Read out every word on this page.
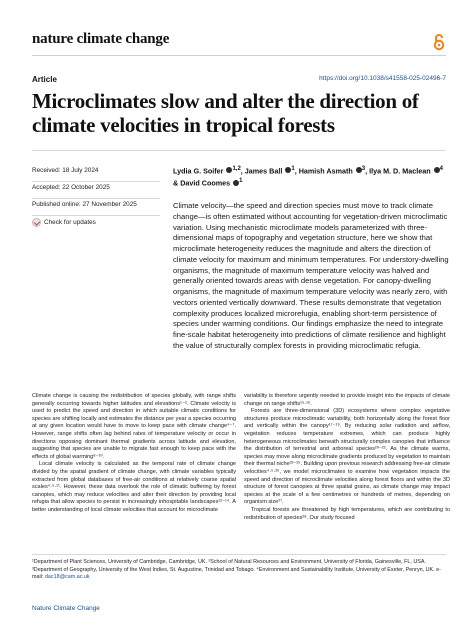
nature climate change
Article	https://doi.org/10.1038/s41558-025-02496-7
Microclimates slow and alter the direction of climate velocities in tropical forests
Received: 18 July 2024
Accepted: 22 October 2025
Published online: 27 November 2025
Check for updates
Lydia G. Soifer $^{1,2}$, James Ball $^1$, Hamish Asmath $^3$, Ilya M. D. Maclean $^4$ & David Coomes $^1$

Climate velocity—the speed and direction species must move to track climate change—is often estimated without accounting for vegetation-driven microclimatic variation. Using mechanistic microclimate models parameterized with three-dimensional maps of topography and vegetation structure, here we show that microclimate heterogeneity reduces the magnitude and alters the direction of climate velocity for maximum and minimum temperatures. For understory-dwelling organisms, the magnitude of maximum temperature velocity was halved and generally oriented towards areas with dense vegetation. For canopy-dwelling organisms, the magnitude of maximum temperature velocity was nearly zero, with vectors oriented vertically downward. These results demonstrate that vegetation complexity produces localized microrefugia, enabling short-term persistence of species under warming conditions. Our findings emphasize the need to integrate fine-scale habitat heterogeneity into predictions of climate resilience and highlight the value of structurally complex forests in providing microclimatic refugia.

Climate change is causing the redistribution of species globally, with range shifts generally occurring towards higher latitudes and elevations¹⁻³. Climate velocity is used to predict the speed and direction in which suitable climatic conditions for species are shifting locally and estimates the distance per year a species occurring at any given location would have to move to keep pace with climate change⁴⁻⁷. However, range shifts often lag behind rates of temperature velocity or occur in directions opposing dominant thermal gradients across latitude and elevation, suggesting that species are unable to migrate fast enough to keep pace with the effects of global warming⁸⁻¹⁰.

Local climate velocity is calculated as the temporal rate of climate change divided by the spatial gradient of climate change, with climate variables typically extracted from global databases of free-air conditions at relatively coarse spatial scales⁴·⁵·¹¹. However, these data overlook the role of climatic buffering by forest canopies, which may reduce velocities and alter their direction by providing local refugia that allow species to persist in increasingly inhospitable landscapes¹²⁻¹⁴. A better understanding of local climate velocities that account for microclimate

variability is therefore urgently needed to provide insight into the impacts of climate change on range shifts¹⁵·¹⁶.

Forests are three-dimensional (3D) ecosystems where complex vegetative structures produce microclimatic variability, both horizontally along the forest floor and vertically within the canopy¹⁷⁻¹⁹. By reducing solar radiation and airflow, vegetation reduces temperature extremes, which can produce highly heterogeneous microclimates beneath structurally complex canopies that influence the distribution of terrestrial and arboreal species²⁰⁻²². As the climate warms, species may move along microclimate gradients produced by vegetation to maintain their thermal niche²³⁻²⁵. Building upon previous research addressing free-air climate velocities⁴·⁵·²⁶, we model microclimates to examine how vegetation impacts the speed and direction of microclimate velocities along forest floors and within the 3D structure of forest canopies at three spatial grains, as climate change may impact species at the scale of a few centimetres or hundreds of metres, depending on organism size²⁷.

Tropical forests are threatened by high temperatures, which are contributing to redistribution of species²⁸. Our study focused

¹Department of Plant Sciences, University of Cambridge, Cambridge, UK. ²School of Natural Resources and Environment, University of Florida, Gainesville, FL, USA. ³Department of Geography, University of the West Indies, St. Augustine, Trinidad and Tobago. ⁴Environment and Sustainability Institute, University of Exeter, Penryn, UK. e-mail: dac18@cam.ac.uk
Nature Climate Change
